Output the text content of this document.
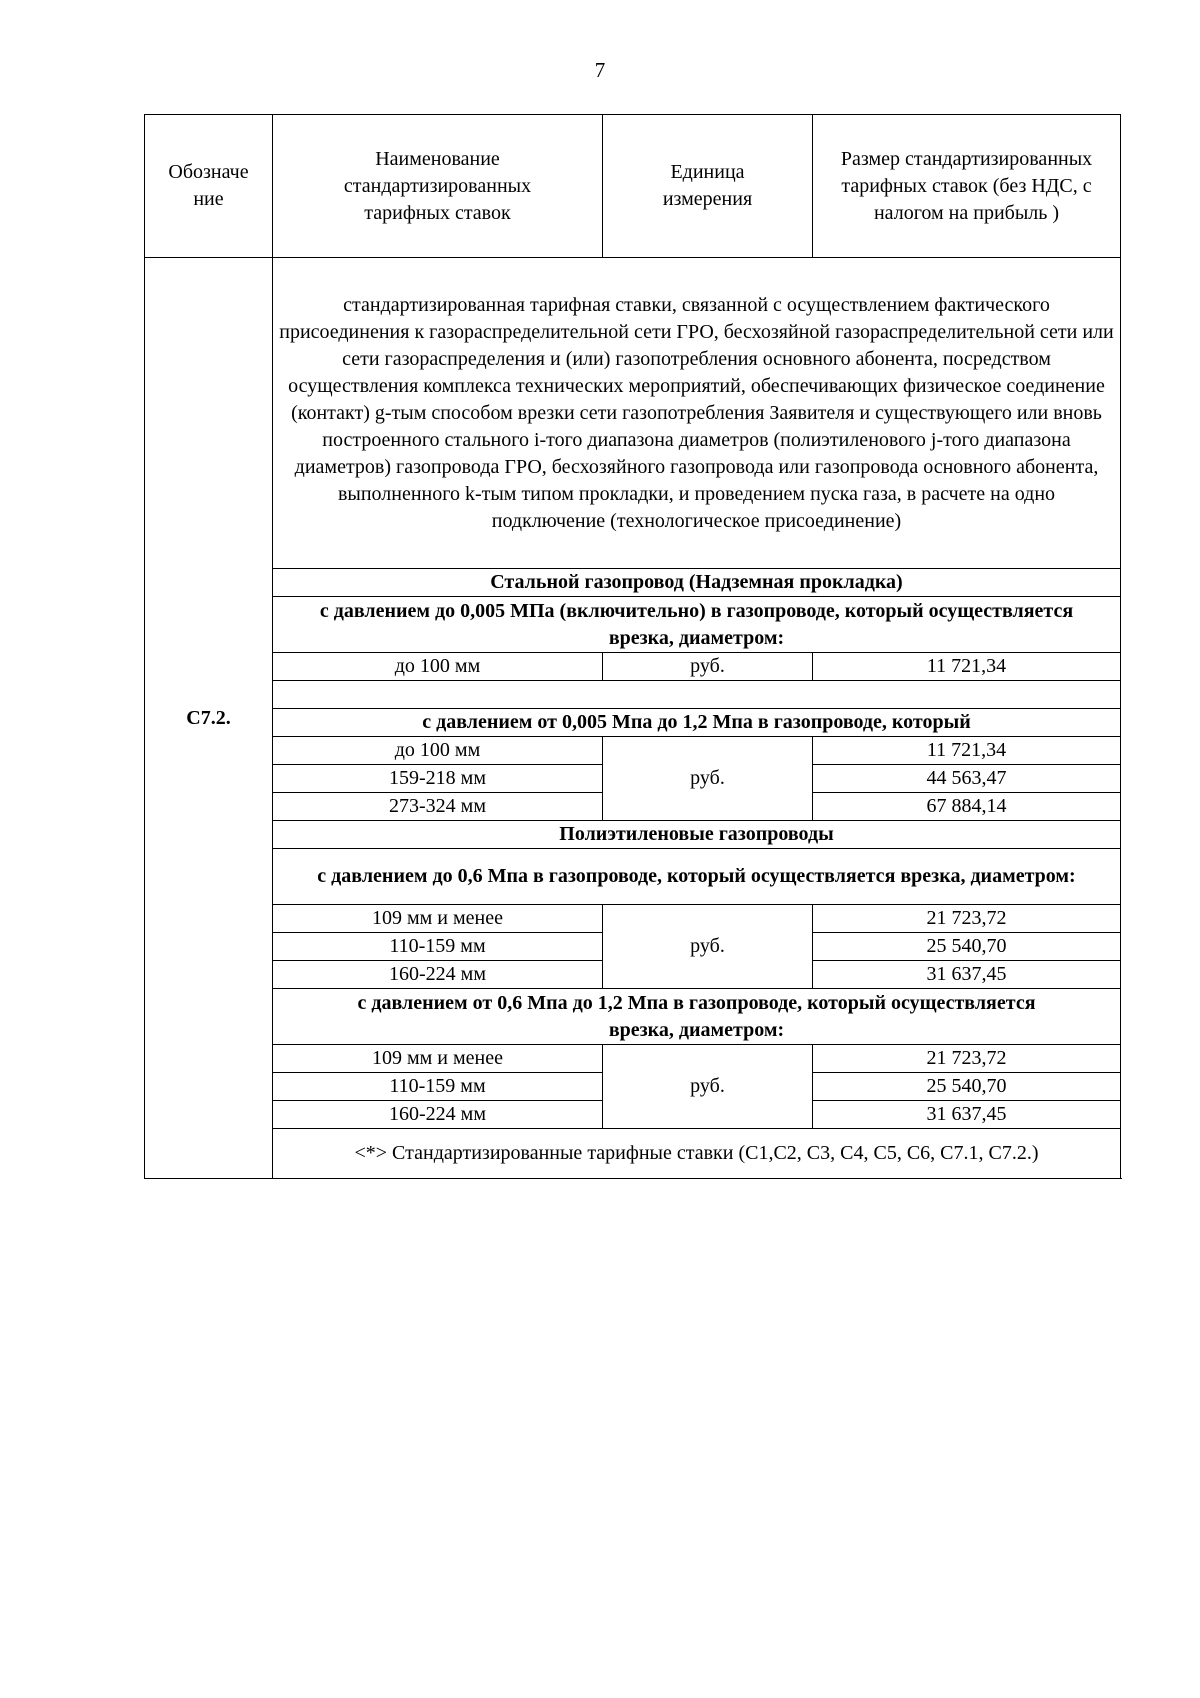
7
Обозначе ние	Наименование стандартизированных тарифных ставок	Единица измерения	Размер стандартизированных тарифных ставок (без НДС, с налогом на прибыль )
C7.2.	стандартизированная тарифная ставки, связанной с осуществлением фактического присоединения к газораспределительной сети ГРО, бесхозяйной газораспределительной сети или сети газораспределения и (или) газопотребления основного абонента, посредством осуществления комплекса технических мероприятий, обеспечивающих физическое соединение (контакт) g-тым способом врезки сети газопотребления Заявителя и существующего или вновь построенного стального i-того диапазона диаметров (полиэтиленового j-того диапазона диаметров) газопровода ГРО, бесхозяйного газопровода или газопровода основного абонента, выполненного k-тым типом прокладки, и проведением пуска газа, в расчете на одно подключение (технологическое присоединение)		
	Стальной газопровод (Надземная прокладка)		
	с давлением до 0,005 МПа (включительно) в газопроводе, который осуществляется врезка, диаметром:		
	до 100 мм	руб.	11 721,34

	с давлением от 0,005 Мпа до 1,2 Мпа в газопроводе, который		
	до 100 мм	руб.	11 721,34
	159-218 мм		44 563,47
	273-324 мм		67 884,14
	Полиэтиленовые газопроводы		
	с давлением до 0,6 Мпа в газопроводе, который осуществляется врезка, диаметром:		
	109 мм и менее	руб.	21 723,72
	110-159 мм		25 540,70
	160-224 мм		31 637,45
	с давлением от 0,6 Мпа до 1,2 Мпа в газопроводе, который осуществляется врезка, диаметром:		
	109 мм и менее	руб.	21 723,72
	110-159 мм		25 540,70
	160-224 мм		31 637,45
	<*> Стандартизированные тарифные ставки (С1,С2, С3, С4, С5, С6, С7.1, С7.2.)		
